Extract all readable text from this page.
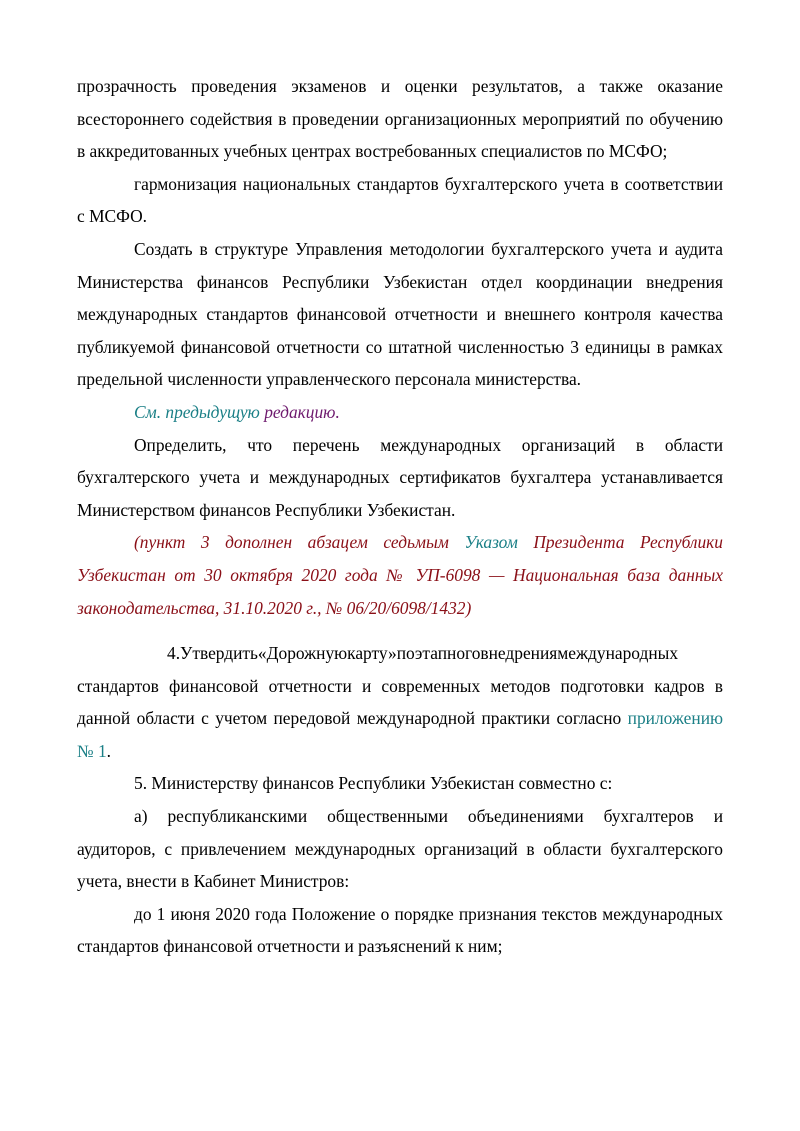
прозрачность проведения экзаменов и оценки результатов, а также оказание всестороннего содействия в проведении организационных мероприятий по обучению в аккредитованных учебных центрах востребованных специалистов по МСФО;

гармонизация национальных стандартов бухгалтерского учета в соответствии с МСФО.

Создать в структуре Управления методологии бухгалтерского учета и аудита Министерства финансов Республики Узбекистан отдел координации внедрения международных стандартов финансовой отчетности и внешнего контроля качества публикуемой финансовой отчетности со штатной численностью 3 единицы в рамках предельной численности управленческого персонала министерства.

См. предыдущую редакцию.

Определить, что перечень международных организаций в области бухгалтерского учета и международных сертификатов бухгалтера устанавливается Министерством финансов Республики Узбекистан.

(пункт 3 дополнен абзацем седьмым Указом Президента Республики Узбекистан от 30 октября 2020 года № УП-6098 — Национальная база данных законодательства, 31.10.2020 г., № 06/20/6098/1432)

4.Утвердить«Дорожнуюкарту»поэтапноговнедрениямеждународных стандартов финансовой отчетности и современных методов подготовки кадров в данной области с учетом передовой международной практики согласно приложению № 1.

5. Министерству финансов Республики Узбекистан совместно с:

а) республиканскими общественными объединениями бухгалтеров и аудиторов, с привлечением международных организаций в области бухгалтерского учета, внести в Кабинет Министров:

до 1 июня 2020 года Положение о порядке признания текстов международных стандартов финансовой отчетности и разъяснений к ним;
